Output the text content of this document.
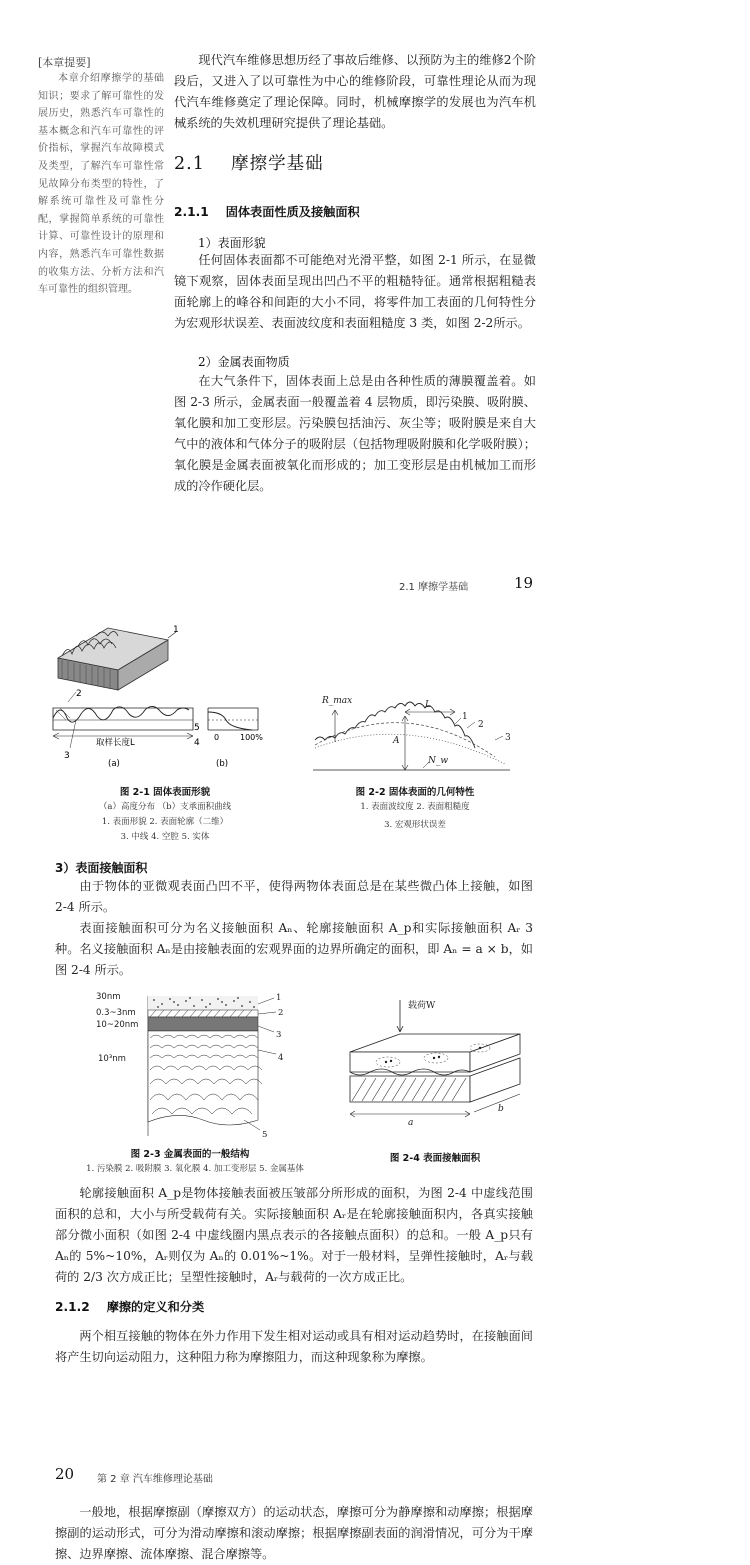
[本章提要]
本章介绍摩擦学的基础知识；要求了解可靠性的发展历史，熟悉汽车可靠性的基本概念和汽车可靠性的评价指标，掌握汽车故障模式及类型，了解汽车可靠性常见故障分布类型的特性，了解系统可靠性及可靠性分配，掌握简单系统的可靠性计算、可靠性设计的原理和内容，熟悉汽车可靠性数据的收集方法、分析方法和汽车可靠性的组织管理。
现代汽车维修思想历经了事故后维修、以预防为主的维修2个阶段后，又进入了以可靠性为中心的维修阶段，可靠性理论从而为现代汽车维修奠定了理论保障。同时，机械摩擦学的发展也为汽车机械系统的失效机理研究提供了理论基础。
2.1 摩擦学基础
2.1.1 固体表面性质及接触面积
1）表面形貌
任何固体表面都不可能绝对光滑平整，如图 2-1 所示，在显微镜下观察，固体表面呈现出凹凸不平的粗糙特征。通常根据粗糙表面轮廓上的峰谷和间距的大小不同，将零件加工表面的几何特性分为宏观形状误差、表面波纹度和表面粗糙度 3 类，如图 2-2所示。
2）金属表面物质
在大气条件下，固体表面上总是由各种性质的薄膜覆盖着。如图 2-3 所示，金属表面一般覆盖着 4 层物质，即污染膜、吸附膜、氧化膜和加工变形层。污染膜包括油污、灰尘等；吸附膜是来自大气中的液体和气体分子的吸附层（包括物理吸附膜和化学吸附膜）；氧化膜是金属表面被氧化而形成的；加工变形层是由机械加工而形成的冷作硬化层。
2.1 摩擦学基础	19
1
2
3
4
5
取样长度L
(a)
0	100%
(b)
图 2-1 固体表面形貌
（a）高度分布 （b）支承面积曲线
1. 表面形貌 2. 表面轮廓（二维）
3. 中线 4. 空腔 5. 实体
R_max	L
A
N_w
1
2
3
图 2-2 固体表面的几何特性
1. 表面波纹度 2. 表面粗糙度
3. 宏观形状误差
3）表面接触面积
由于物体的亚微观表面凸凹不平，使得两物体表面总是在某些微凸体上接触，如图 2-4 所示。
表面接触面积可分为名义接触面积 Aₙ、轮廓接触面积 A_p和实际接触面积 Aᵣ 3 种。名义接触面积 Aₙ是由接触表面的宏观界面的边界所确定的面积，即 Aₙ = a × b，如图 2-4 所示。
30nm
0.3~3nm
10~20nm
10³nm
1
2
3
4
5
图 2-3 金属表面的一般结构
1. 污染膜 2. 吸附膜 3. 氧化膜 4. 加工变形层 5. 金属基体
载荷W
a
b
图 2-4 表面接触面积
轮廓接触面积 A_p是物体接触表面被压皱部分所形成的面积，为图 2-4 中虚线范围面积的总和，大小与所受载荷有关。实际接触面积 Aᵣ是在轮廓接触面积内，各真实接触部分微小面积（如图 2-4 中虚线圈内黑点表示的各接触点面积）的总和。一般 A_p只有 Aₙ的 5%~10%，Aᵣ则仅为 Aₙ的 0.01%~1%。对于一般材料，呈弹性接触时，Aᵣ与载荷的 2/3 次方成正比；呈塑性接触时，Aᵣ与载荷的一次方成正比。
2.1.2 摩擦的定义和分类
两个相互接触的物体在外力作用下发生相对运动或具有相对运动趋势时，在接触面间将产生切向运动阻力，这种阻力称为摩擦阻力，而这种现象称为摩擦。
20 第 2 章 汽车维修理论基础
一般地，根据摩擦副（摩擦双方）的运动状态，摩擦可分为静摩擦和动摩擦；根据摩擦副的运动形式，可分为滑动摩擦和滚动摩擦；根据摩擦副表面的润滑情况，可分为干摩擦、边界摩擦、流体摩擦、混合摩擦等。
